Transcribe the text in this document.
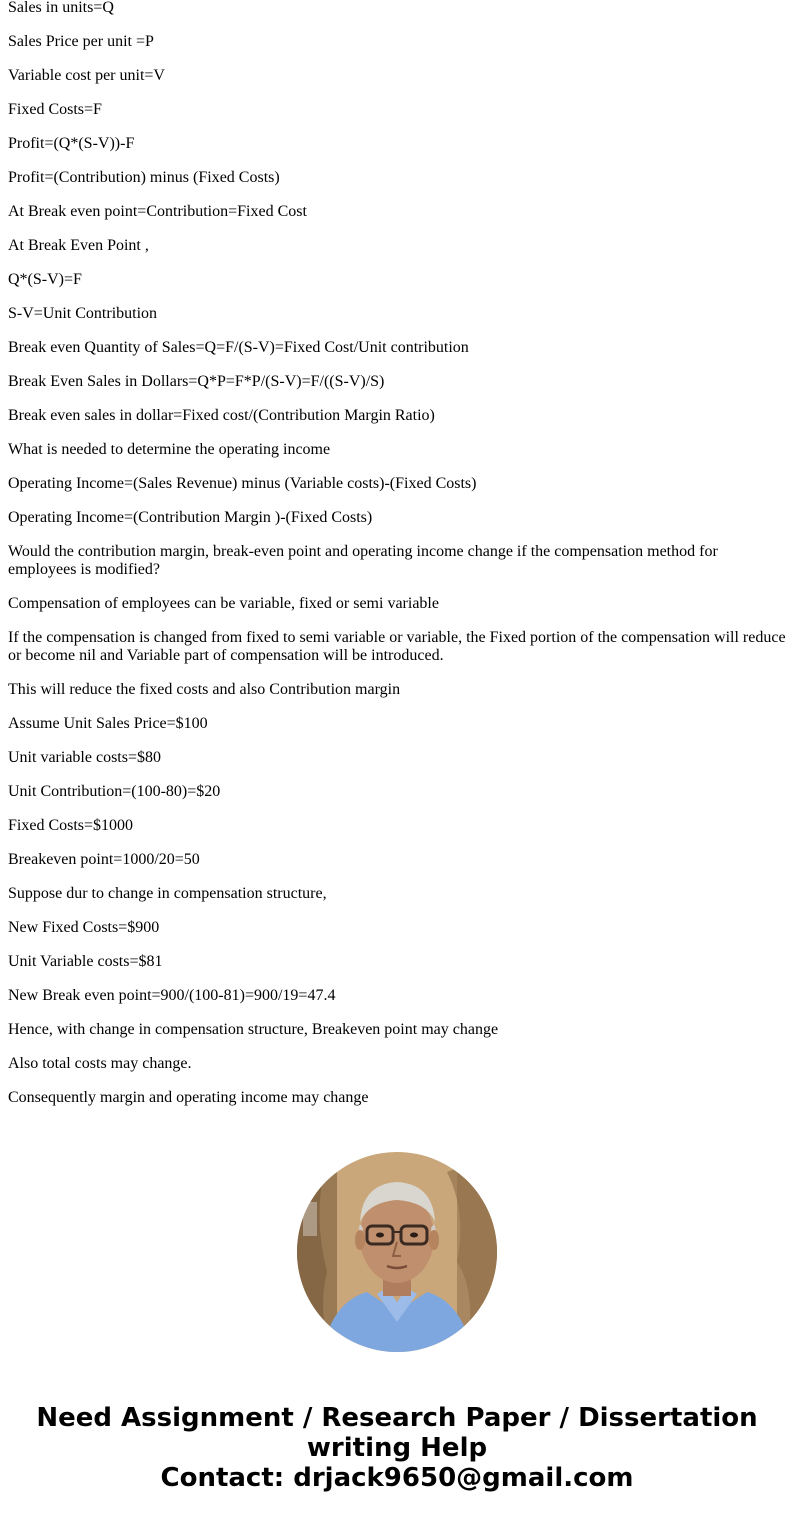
Sales in units=Q

Sales Price per unit =P

Variable cost per unit=V

Fixed Costs=F

Profit=(Q*(S-V))-F

Profit=(Contribution) minus (Fixed Costs)

At Break even point=Contribution=Fixed Cost

At Break Even Point ,

Q*(S-V)=F

S-V=Unit Contribution

Break even Quantity of Sales=Q=F/(S-V)=Fixed Cost/Unit contribution

Break Even Sales in Dollars=Q*P=F*P/(S-V)=F/((S-V)/S)

Break even sales in dollar=Fixed cost/(Contribution Margin Ratio)

What is needed to determine the operating income

Operating Income=(Sales Revenue) minus (Variable costs)-(Fixed Costs)

Operating Income=(Contribution Margin )-(Fixed Costs)

Would the contribution margin, break-even point and operating income change if the compensation method for employees is modified?

Compensation of employees can be variable, fixed or semi variable

If the compensation is changed from fixed to semi variable or variable, the Fixed portion of the compensation will reduce or become nil and Variable part of compensation will be introduced.

This will reduce the fixed costs and also Contribution margin

Assume Unit Sales Price=$100

Unit variable costs=$80

Unit Contribution=(100-80)=$20

Fixed Costs=$1000

Breakeven point=1000/20=50

Suppose dur to change in compensation structure,

New Fixed Costs=$900

Unit Variable costs=$81

New Break even point=900/(100-81)=900/19=47.4

Hence, with change in compensation structure, Breakeven point may change

Also total costs may change.

Consequently margin and operating income may change

Need Assignment / Research Paper / Dissertation writing Help
Contact: drjack9650@gmail.com
